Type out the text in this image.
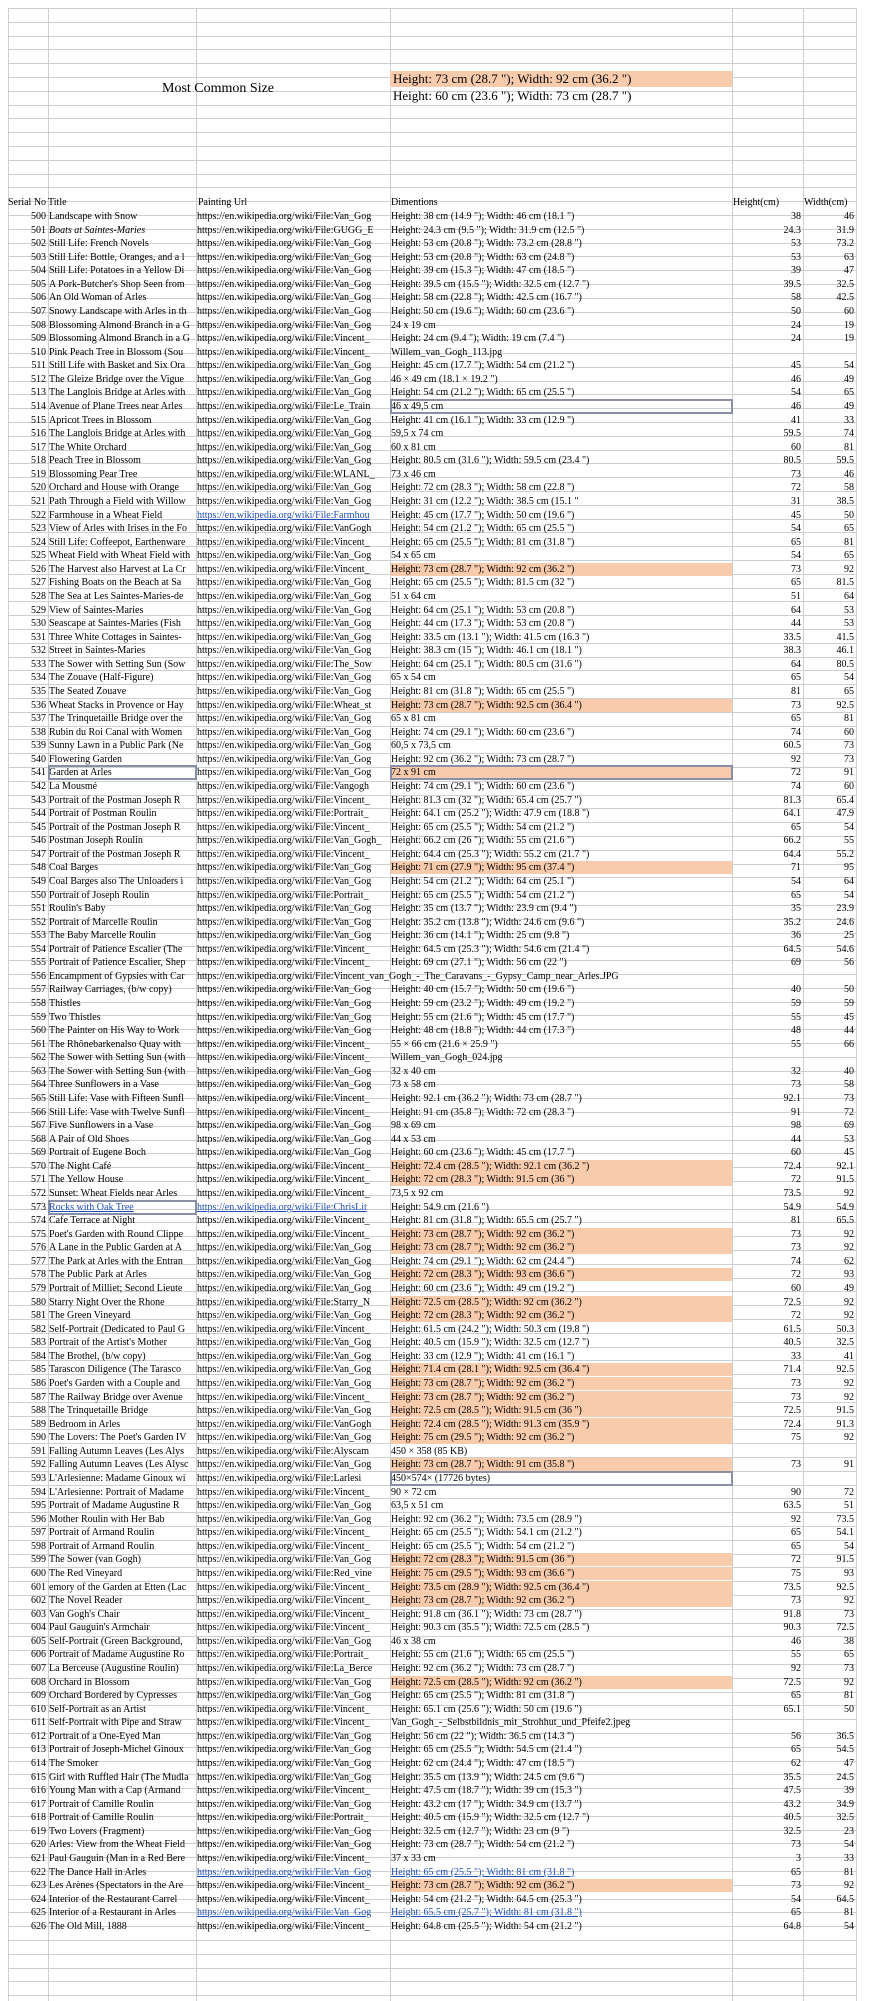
Most Common Size
Height: 73 cm (28.7 "); Width: 92 cm (36.2 ")
Height: 60 cm (23.6 "); Width: 73 cm (28.7 ")
Serial No Title	Painting Url	Dimentions	Height(cm)	Width(cm)
500 Landscape with Snow	https://en.wikipedia.org/wiki/File:Van_Gog	Height: 38 cm (14.9 "); Width: 46 cm (18.1 ")	38	46
501 Boats at Saintes-Maries	https://en.wikipedia.org/wiki/File:GUGG_E	Height: 24.3 cm (9.5 "); Width: 31.9 cm (12.5 ")	24.3	31.9
502 Still Life: French Novels	https://en.wikipedia.org/wiki/File:Van_Gog	Height: 53 cm (20.8 "); Width: 73.2 cm (28.8 ")	53	73.2
503 Still Life: Bottle, Oranges, and a l	https://en.wikipedia.org/wiki/File:Van_Gog	Height: 53 cm (20.8 "); Width: 63 cm (24.8 ")	53	63
504 Still Life: Potatoes in a Yellow Di	https://en.wikipedia.org/wiki/File:Van_Gog	Height: 39 cm (15.3 "); Width: 47 cm (18.5 ")	39	47
505 A Pork-Butcher's Shop Seen from	https://en.wikipedia.org/wiki/File:Van_Gog	Height: 39.5 cm (15.5 "); Width: 32.5 cm (12.7 ")	39.5	32.5
506 An Old Woman of Arles	https://en.wikipedia.org/wiki/File:Van_Gog	Height: 58 cm (22.8 "); Width: 42.5 cm (16.7 ")	58	42.5
507 Snowy Landscape with Arles in th	https://en.wikipedia.org/wiki/File:Van_Gog	Height: 50 cm (19.6 "); Width: 60 cm (23.6 ")	50	60
508 Blossoming Almond Branch in a G https://en.wikipedia.org/wiki/File:Van_Gog	24 x 19 cm	24	19
509 Blossoming Almond Branch in a G https://en.wikipedia.org/wiki/File:Vincent_	Height: 24 cm (9.4 "); Width: 19 cm (7.4 ")	24	19
510 Pink Peach Tree in Blossom (Sou	https://en.wikipedia.org/wiki/File:Vincent_	Willem_van_Gogh_113.jpg
511 Still Life with Basket and Six Ora	https://en.wikipedia.org/wiki/File:Van_Gog	Height: 45 cm (17.7 "); Width: 54 cm (21.2 ")	45	54
512 The Gleize Bridge over the Vigue	https://en.wikipedia.org/wiki/File:Van_Gog	46 × 49 cm (18.1 × 19.2 ")	46	49
513 The Langlois Bridge at Arles with	https://en.wikipedia.org/wiki/File:Van_Gog	Height: 54 cm (21.2 "); Width: 65 cm (25.5 ")	54	65
514 Avenue of Plane Trees near Arles	https://en.wikipedia.org/wiki/File:Le_Train	46 x 49,5 cm	46	49
515 Apricot Trees in Blossom	https://en.wikipedia.org/wiki/File:Van_Gog	Height: 41 cm (16.1 "); Width: 33 cm (12.9 ")	41	33
516 The Langlois Bridge at Arles with	https://en.wikipedia.org/wiki/File:Van_Gog	59,5 x 74 cm	59.5	74
517 The White Orchard	https://en.wikipedia.org/wiki/File:Van_Gog	60 x 81 cm	60	81
518 Peach Tree in Blossom	https://en.wikipedia.org/wiki/File:Van_Gog	Height: 80.5 cm (31.6 "); Width: 59.5 cm (23.4 ")	80.5	59.5
519 Blossoming Pear Tree	https://en.wikipedia.org/wiki/File:WLANL_	73 x 46 cm	73	46
520 Orchard and House with Orange	https://en.wikipedia.org/wiki/File:Van_Gog	Height: 72 cm (28.3 "); Width: 58 cm (22.8 ")	72	58
521 Path Through a Field with Willow	https://en.wikipedia.org/wiki/File:Van_Gog	Height: 31 cm (12.2 "); Width: 38.5 cm (15.1 "	31	38.5
522 Farmhouse in a Wheat Field	https://en.wikipedia.org/wiki/File:Farmhou	Height: 45 cm (17.7 "); Width: 50 cm (19.6 ")	45	50
523 View of Arles with Irises in the Fo	https://en.wikipedia.org/wiki/File:VanGogh	Height: 54 cm (21.2 "); Width: 65 cm (25.5 ")	54	65
524 Still Life: Coffeepot, Earthenware	https://en.wikipedia.org/wiki/File:Vincent_	Height: 65 cm (25.5 "); Width: 81 cm (31.8 ")	65	81
525 Wheat Field with Wheat Field with https://en.wikipedia.org/wiki/File:Van_Gog	54 x 65 cm	54	65
526 The Harvest also Harvest at La Cr	https://en.wikipedia.org/wiki/File:Vincent_	Height: 73 cm (28.7 "); Width: 92 cm (36.2 ")	73	92
527 Fishing Boats on the Beach at Sa	https://en.wikipedia.org/wiki/File:Van_Gog	Height: 65 cm (25.5 "); Width: 81.5 cm (32 ")	65	81.5
528 The Sea at Les Saintes-Maries-de	https://en.wikipedia.org/wiki/File:Van_Gog	51 x 64 cm	51	64
529 View of Saintes-Maries	https://en.wikipedia.org/wiki/File:Van_Gog	Height: 64 cm (25.1 "); Width: 53 cm (20.8 ")	64	53
530 Seascape at Saintes-Maries (Fish	https://en.wikipedia.org/wiki/File:Van_Gog	Height: 44 cm (17.3 "); Width: 53 cm (20.8 ")	44	53
531 Three White Cottages in Saintes-	https://en.wikipedia.org/wiki/File:Van_Gog	Height: 33.5 cm (13.1 "); Width: 41.5 cm (16.3 ")	33.5	41.5
532 Street in Saintes-Maries	https://en.wikipedia.org/wiki/File:Van_Gog	Height: 38.3 cm (15 "); Width: 46.1 cm (18.1 ")	38.3	46.1
533 The Sower with Setting Sun (Sow	https://en.wikipedia.org/wiki/File:The_Sow	Height: 64 cm (25.1 "); Width: 80.5 cm (31.6 ")	64	80.5
534 The Zouave (Half-Figure)	https://en.wikipedia.org/wiki/File:Van_Gog	65 x 54 cm	65	54
535 The Seated Zouave	https://en.wikipedia.org/wiki/File:Van_Gog	Height: 81 cm (31.8 "); Width: 65 cm (25.5 ")	81	65
536 Wheat Stacks in Provence or Hay	https://en.wikipedia.org/wiki/File:Wheat_st	Height: 73 cm (28.7 "); Width: 92.5 cm (36.4 ")	73	92.5
537 The Trinquetaille Bridge over the	https://en.wikipedia.org/wiki/File:Van_Gog	65 x 81 cm	65	81
538 Rubin du Roi Canal with Women	https://en.wikipedia.org/wiki/File:Van_Gog	Height: 74 cm (29.1 "); Width: 60 cm (23.6 ")	74	60
539 Sunny Lawn in a Public Park (Ne	https://en.wikipedia.org/wiki/File:Van_Gog	60,5 x 73,5 cm	60.5	73
540 Flowering Garden	https://en.wikipedia.org/wiki/File:Van_Gog	Height: 92 cm (36.2 "); Width: 73 cm (28.7 ")	92	73
541 Garden at Arles	https://en.wikipedia.org/wiki/File:Van_Gog	72 x 91 cm	72	91
542 La Mousmé	https://en.wikipedia.org/wiki/File:Vangogh	Height: 74 cm (29.1 "); Width: 60 cm (23.6 ")	74	60
543 Portrait of the Postman Joseph R	https://en.wikipedia.org/wiki/File:Vincent_	Height: 81.3 cm (32 "); Width: 65.4 cm (25.7 ")	81.3	65.4
544 Portrait of Postman Roulin	https://en.wikipedia.org/wiki/File:Portrait_	Height: 64.1 cm (25.2 "); Width: 47.9 cm (18.8 ")	64.1	47.9
545 Portrait of the Postman Joseph R	https://en.wikipedia.org/wiki/File:Vincent_	Height: 65 cm (25.5 "); Width: 54 cm (21.2 ")	65	54
546 Postman Joseph Roulin	https://en.wikipedia.org/wiki/File:Van_Gogh_ Height: 66.2 cm (26 "); Width: 55 cm (21.6 ")	66.2	55
547 Portrait of the Postman Joseph R	https://en.wikipedia.org/wiki/File:Vincent_	Height: 64.4 cm (25.3 "); Width: 55.2 cm (21.7 ")	64.4	55.2
548 Coal Barges	https://en.wikipedia.org/wiki/File:Van_Gog	Height: 71 cm (27.9 "); Width: 95 cm (37.4 ")	71	95
549 Coal Barges also The Unloaders i	https://en.wikipedia.org/wiki/File:Van_Gog	Height: 54 cm (21.2 "); Width: 64 cm (25.1 ")	54	64
550 Portrait of Joseph Roulin	https://en.wikipedia.org/wiki/File:Portrait_	Height: 65 cm (25.5 "); Width: 54 cm (21.2 ")	65	54
551 Roulin's Baby	https://en.wikipedia.org/wiki/File:Van_Gog	Height: 35 cm (13.7 "); Width: 23.9 cm (9.4 ")	35	23.9
552 Portrait of Marcelle Roulin	https://en.wikipedia.org/wiki/File:Van_Gog	Height: 35.2 cm (13.8 "); Width: 24.6 cm (9.6 ")	35.2	24.6
553 The Baby Marcelle Roulin	https://en.wikipedia.org/wiki/File:Van_Gog	Height: 36 cm (14.1 "); Width: 25 cm (9.8 ")	36	25
554 Portrait of Patience Escalier (The	https://en.wikipedia.org/wiki/File:Vincent_	Height: 64.5 cm (25.3 "); Width: 54.6 cm (21.4 ")	64.5	54.6
555 Portrait of Patience Escalier, Shep	https://en.wikipedia.org/wiki/File:Vincent_	Height: 69 cm (27.1 "); Width: 56 cm (22 ")	69	56
556 Encampment of Gypsies with Car	https://en.wikipedia.org/wiki/File:Vincent_van_Gogh_-_The_Caravans_-_Gypsy_Camp_near_Arles.JPG
557 Railway Carriages, (b/w copy)	https://en.wikipedia.org/wiki/File:Van_Gog	Height: 40 cm (15.7 "); Width: 50 cm (19.6 ")	40	50
558 Thistles	https://en.wikipedia.org/wiki/File:Van_Gog	Height: 59 cm (23.2 "); Width: 49 cm (19.2 ")	59	59
559 Two Thistles	https://en.wikipedia.org/wiki/File:Van_Gog	Height: 55 cm (21.6 "); Width: 45 cm (17.7 ")	55	45
560 The Painter on His Way to Work	https://en.wikipedia.org/wiki/File:Van_Gog	Height: 48 cm (18.8 "); Width: 44 cm (17.3 ")	48	44
561 The Rhônebarkenalso Quay with	https://en.wikipedia.org/wiki/File:Vincent_	55 × 66 cm (21.6 × 25.9 ")	55	66
562 The Sower with Setting Sun (with	https://en.wikipedia.org/wiki/File:Vincent_	Willem_van_Gogh_024.jpg
563 The Sower with Setting Sun (with	https://en.wikipedia.org/wiki/File:Van_Gog	32 x 40 cm	32	40
564 Three Sunflowers in a Vase	https://en.wikipedia.org/wiki/File:Van_Gog	73 x 58 cm	73	58
565 Still Life: Vase with Fifteen Sunfl	https://en.wikipedia.org/wiki/File:Vincent_	Height: 92.1 cm (36.2 "); Width: 73 cm (28.7 ")	92.1	73
566 Still Life: Vase with Twelve Sunfl	https://en.wikipedia.org/wiki/File:Vincent_	Height: 91 cm (35.8 "); Width: 72 cm (28.3 ")	91	72
567 Five Sunflowers in a Vase	https://en.wikipedia.org/wiki/File:Van_Gog	98 x 69 cm	98	69
568 A Pair of Old Shoes	https://en.wikipedia.org/wiki/File:Van_Gog	44 x 53 cm	44	53
569 Portrait of Eugene Boch	https://en.wikipedia.org/wiki/File:Van_Gog	Height: 60 cm (23.6 "); Width: 45 cm (17.7 ")	60	45
570 The Night Café	https://en.wikipedia.org/wiki/File:Vincent_	Height: 72.4 cm (28.5 "); Width: 92.1 cm (36.2 ")	72.4	92.1
571 The Yellow House	https://en.wikipedia.org/wiki/File:Vincent_	Height: 72 cm (28.3 "); Width: 91.5 cm (36 ")	72	91.5
572 Sunset: Wheat Fields near Arles	https://en.wikipedia.org/wiki/File:Vincent_	73,5 x 92 cm	73.5	92
573 Rocks with Oak Tree	https://en.wikipedia.org/wiki/File:ChrisLit	Height: 54.9 cm (21.6 ")	54.9	54.9
574 Cafe Terrace at Night	https://en.wikipedia.org/wiki/File:Vincent_	Height: 81 cm (31.8 "); Width: 65.5 cm (25.7 ")	81	65.5
575 Poet's Garden with Round Clippe	https://en.wikipedia.org/wiki/File:Vincent_	Height: 73 cm (28.7 "); Width: 92 cm (36.2 ")	73	92
576 A Lane in the Public Garden at A	https://en.wikipedia.org/wiki/File:Van_Gog	Height: 73 cm (28.7 "); Width: 92 cm (36.2 ")	73	92
577 The Park at Arles with the Entran	https://en.wikipedia.org/wiki/File:Van_Gog	Height: 74 cm (29.1 "); Width: 62 cm (24.4 ")	74	62
578 The Public Park at Arles	https://en.wikipedia.org/wiki/File:Van_Gog	Height: 72 cm (28.3 "); Width: 93 cm (36.6 ")	72	93
579 Portrait of Milliet; Second Lieute	https://en.wikipedia.org/wiki/File:Van_Gog	Height: 60 cm (23.6 "); Width: 49 cm (19.2 ")	60	49
580 Starry Night Over the Rhone	https://en.wikipedia.org/wiki/File:Starry_N	Height: 72.5 cm (28.5 "); Width: 92 cm (36.2 ")	72.5	92
581 The Green Vineyard	https://en.wikipedia.org/wiki/File:Van_Gog	Height: 72 cm (28.3 "); Width: 92 cm (36.2 ")	72	92
582 Self-Portrait (Dedicated to Paul G	https://en.wikipedia.org/wiki/File:Vincent_	Height: 61.5 cm (24.2 "); Width: 50.3 cm (19.8 ")	61.5	50.3
583 Portrait of the Artist's Mother	https://en.wikipedia.org/wiki/File:Van_Gog	Height: 40.5 cm (15.9 "); Width: 32.5 cm (12.7 ")	40.5	32.5
584 The Brothel, (b/w copy)	https://en.wikipedia.org/wiki/File:Van_Gog	Height: 33 cm (12.9 "); Width: 41 cm (16.1 ")	33	41
585 Tarascon Diligence (The Tarasco	https://en.wikipedia.org/wiki/File:Van_Gog	Height: 71.4 cm (28.1 "); Width: 92.5 cm (36.4 ")	71.4	92.5
586 Poet's Garden with a Couple and	https://en.wikipedia.org/wiki/File:Van_Gog	Height: 73 cm (28.7 "); Width: 92 cm (36.2 ")	73	92
587 The Railway Bridge over Avenue	https://en.wikipedia.org/wiki/File:Vincent_	Height: 73 cm (28.7 "); Width: 92 cm (36.2 ")	73	92
588 The Trinquetaille Bridge	https://en.wikipedia.org/wiki/File:Van_Gog	Height: 72.5 cm (28.5 "); Width: 91.5 cm (36 ")	72.5	91.5
589 Bedroom in Arles	https://en.wikipedia.org/wiki/File:VanGogh	Height: 72.4 cm (28.5 "); Width: 91.3 cm (35.9 ")	72.4	91.3
590 The Lovers: The Poet's Garden IV	https://en.wikipedia.org/wiki/File:Van_Gog	Height: 75 cm (29.5 "); Width: 92 cm (36.2 ")	75	92
591 Falling Autumn Leaves (Les Alys	https://en.wikipedia.org/wiki/File:Alyscam	450 × 358 (85 KB)
592 Falling Autumn Leaves (Les Alysc https://en.wikipedia.org/wiki/File:Van_Gog	Height: 73 cm (28.7 "); Width: 91 cm (35.8 ")	73	91
593 L'Arlesienne: Madame Ginoux wi	https://en.wikipedia.org/wiki/File:Larlesi	450×574× (17726 bytes)
594 L'Arlesienne: Portrait of Madame	https://en.wikipedia.org/wiki/File:Vincent_	90 × 72 cm	90	72
595 Portrait of Madame Augustine R	https://en.wikipedia.org/wiki/File:Van_Gog	63,5 x 51 cm	63.5	51
596 Mother Roulin with Her Bab	https://en.wikipedia.org/wiki/File:Van_Gog	Height: 92 cm (36.2 "); Width: 73.5 cm (28.9 ")	92	73.5
597 Portrait of Armand Roulin	https://en.wikipedia.org/wiki/File:Vincent_	Height: 65 cm (25.5 "); Width: 54.1 cm (21.2 ")	65	54.1
598 Portrait of Armand Roulin	https://en.wikipedia.org/wiki/File:Vincent_	Height: 65 cm (25.5 "); Width: 54 cm (21.2 ")	65	54
599 The Sower (van Gogh)	https://en.wikipedia.org/wiki/File:Van_Gog	Height: 72 cm (28.3 "); Width: 91.5 cm (36 ")	72	91.5
600 The Red Vineyard	https://en.wikipedia.org/wiki/File:Red_vine	Height: 75 cm (29.5 "); Width: 93 cm (36.6 ")	75	93
601 emory of the Garden at Etten (Lac	https://en.wikipedia.org/wiki/File:Vincent_	Height: 73.5 cm (28.9 "); Width: 92.5 cm (36.4 ")	73.5	92.5
602 The Novel Reader	https://en.wikipedia.org/wiki/File:Vincent_	Height: 73 cm (28.7 "); Width: 92 cm (36.2 ")	73	92
603 Van Gogh's Chair	https://en.wikipedia.org/wiki/File:Vincent_	Height: 91.8 cm (36.1 "); Width: 73 cm (28.7 ")	91.8	73
604 Paul Gauguin's Armchair	https://en.wikipedia.org/wiki/File:Vincent_	Height: 90.3 cm (35.5 "); Width: 72.5 cm (28.5 ")	90.3	72.5
605 Self-Portrait (Green Background,	https://en.wikipedia.org/wiki/File:Van_Gog	46 x 38 cm	46	38
606 Portrait of Madame Augustine Ro	https://en.wikipedia.org/wiki/File:Portrait_	Height: 55 cm (21.6 "); Width: 65 cm (25.5 ")	55	65
607 La Berceuse (Augustine Roulin)	https://en.wikipedia.org/wiki/File:La_Berce	Height: 92 cm (36.2 "); Width: 73 cm (28.7 ")	92	73
608 Orchard in Blossom	https://en.wikipedia.org/wiki/File:Van_Gog	Height: 72.5 cm (28.5 "); Width: 92 cm (36.2 ")	72.5	92
609 Orchard Bordered by Cypresses	https://en.wikipedia.org/wiki/File:Van_Gog	Height: 65 cm (25.5 "); Width: 81 cm (31.8 ")	65	81
610 Self-Portrait as an Artist	https://en.wikipedia.org/wiki/File:Vincent_	Height: 65.1 cm (25.6 "); Width: 50 cm (19.6 ")	65.1	50
611 Self-Portrait with Pipe and Straw	https://en.wikipedia.org/wiki/File:Vincent_	Van_Gogh_-_Selbstbildnis_mit_Strohhut_und_Pfeife2.jpeg
612 Portrait of a One-Eyed Man	https://en.wikipedia.org/wiki/File:Van_Gog	Height: 56 cm (22 "); Width: 36.5 cm (14.3 ")	56	36.5
613 Portrait of Joseph-Michel Ginoux	https://en.wikipedia.org/wiki/File:Van_Gog	Height: 65 cm (25.5 "); Width: 54.5 cm (21.4 ")	65	54.5
614 The Smoker	https://en.wikipedia.org/wiki/File:Van_Gog	Height: 62 cm (24.4 "); Width: 47 cm (18.5 ")	62	47
615 Girl with Ruffled Hair (The Mudla https://en.wikipedia.org/wiki/File:Van_Gog	Height: 35.5 cm (13.9 "); Width: 24.5 cm (9.6 ")	35.5	24.5
616 Young Man with a Cap (Armand	https://en.wikipedia.org/wiki/File:Vincent_	Height: 47.5 cm (18.7 "); Width: 39 cm (15.3 ")	47.5	39
617 Portrait of Camille Roulin	https://en.wikipedia.org/wiki/File:Van_Gog	Height: 43.2 cm (17 "); Width: 34.9 cm (13.7 ")	43.2	34.9
618 Portrait of Camille Roulin	https://en.wikipedia.org/wiki/File:Portrait_	Height: 40.5 cm (15.9 "); Width: 32.5 cm (12.7 ")	40.5	32.5
619 Two Lovers (Fragment)	https://en.wikipedia.org/wiki/File:Van_Gog	Height: 32.5 cm (12.7 "); Width: 23 cm (9 ")	32.5	23
620 Arles: View from the Wheat Field	https://en.wikipedia.org/wiki/File:Van_Gog	Height: 73 cm (28.7 "); Width: 54 cm (21.2 ")	73	54
621 Paul Gauguin (Man in a Red Bere	https://en.wikipedia.org/wiki/File:Vincent_	37 x 33 cm	3	33
622 The Dance Hall in Arles	https://en.wikipedia.org/wiki/File:Van_Gog	Height: 65 cm (25.5 "); Width: 81 cm (31.8 ")	65	81
623 Les Arènes (Spectators in the Are	https://en.wikipedia.org/wiki/File:Vincent_	Height: 73 cm (28.7 "); Width: 92 cm (36.2 ")	73	92
624 Interior of the Restaurant Carrel	https://en.wikipedia.org/wiki/File:Vincent_	Height: 54 cm (21.2 "); Width: 64.5 cm (25.3 ")	54	64.5
625 Interior of a Restaurant in Arles	https://en.wikipedia.org/wiki/File:Van_Gog	Height: 65.5 cm (25.7 "); Width: 81 cm (31.8 ")	65	81
626 The Old Mill, 1888	https://en.wikipedia.org/wiki/File:Vincent_	Height: 64.8 cm (25.5 "); Width: 54 cm (21.2 ")	64.8	54
